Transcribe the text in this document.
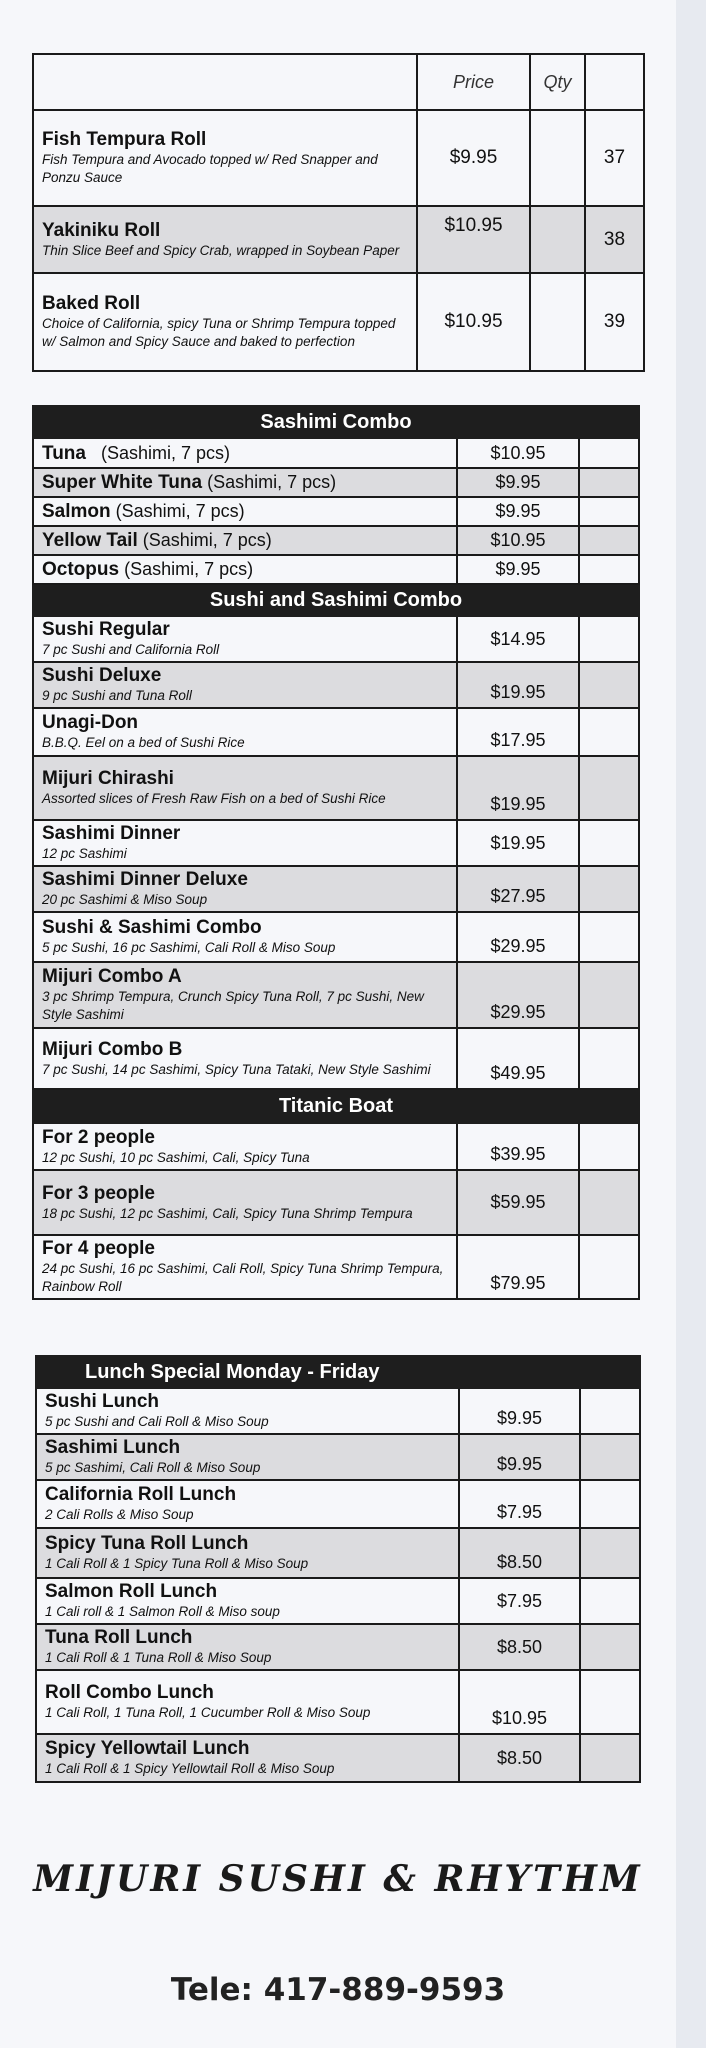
	Price	Qty	

Fish Tempura Roll
Fish Tempura and Avocado topped w/ Red Snapper and Ponzu Sauce	$9.95		37

Yakiniku Roll
Thin Slice Beef and Spicy Crab, wrapped in Soybean Paper	$10.95		38

Baked Roll
Choice of California, spicy Tuna or Shrimp Tempura topped w/ Salmon and Spicy Sauce and baked to perfection	$10.95		39
Sashimi Combo		
Tuna (Sashimi, 7 pcs)	$10.95	
Super White Tuna (Sashimi, 7 pcs)	$9.95	
Salmon (Sashimi, 7 pcs)	$9.95	
Yellow Tail (Sashimi, 7 pcs)	$10.95	
Octopus (Sashimi, 7 pcs)	$9.95	
Sushi and Sashimi Combo		

Sushi Regular
7 pc Sushi and California Roll	$14.95	

Sushi Deluxe
9 pc Sushi and Tuna Roll	$19.95	

Unagi-Don
B.B.Q. Eel on a bed of Sushi Rice	$17.95	

Mijuri Chirashi
Assorted slices of Fresh Raw Fish on a bed of Sushi Rice	$19.95	

Sashimi Dinner
12 pc Sashimi	$19.95	

Sashimi Dinner Deluxe
20 pc Sashimi & Miso Soup	$27.95	

Sushi & Sashimi Combo
5 pc Sushi, 16 pc Sashimi, Cali Roll & Miso Soup	$29.95	

Mijuri Combo A
3 pc Shrimp Tempura, Crunch Spicy Tuna Roll, 7 pc Sushi, New Style Sashimi	$29.95	

Mijuri Combo B
7 pc Sushi, 14 pc Sashimi, Spicy Tuna Tataki, New Style Sashimi	$49.95	
Titanic Boat		

For 2 people
12 pc Sushi, 10 pc Sashimi, Cali, Spicy Tuna	$39.95	

For 3 people
18 pc Sushi, 12 pc Sashimi, Cali, Spicy Tuna Shrimp Tempura	$59.95	

For 4 people
24 pc Sushi, 16 pc Sashimi, Cali Roll, Spicy Tuna Shrimp Tempura, Rainbow Roll	$79.95	
Lunch Special Monday - Friday		

Sushi Lunch
5 pc Sushi and Cali Roll & Miso Soup	$9.95	

Sashimi Lunch
5 pc Sashimi, Cali Roll & Miso Soup	$9.95	

California Roll Lunch
2 Cali Rolls & Miso Soup	$7.95	

Spicy Tuna Roll Lunch
1 Cali Roll & 1 Spicy Tuna Roll & Miso Soup	$8.50	

Salmon Roll Lunch
1 Cali roll & 1 Salmon Roll & Miso soup	$7.95	

Tuna Roll Lunch
1 Cali Roll & 1 Tuna Roll & Miso Soup	$8.50	

Roll Combo Lunch
1 Cali Roll, 1 Tuna Roll, 1 Cucumber Roll & Miso Soup	$10.95	

Spicy Yellowtail Lunch
1 Cali Roll & 1 Spicy Yellowtail Roll & Miso Soup	$8.50	
MIJURI SUSHI & RHYTHM
Tele: 417-889-9593
